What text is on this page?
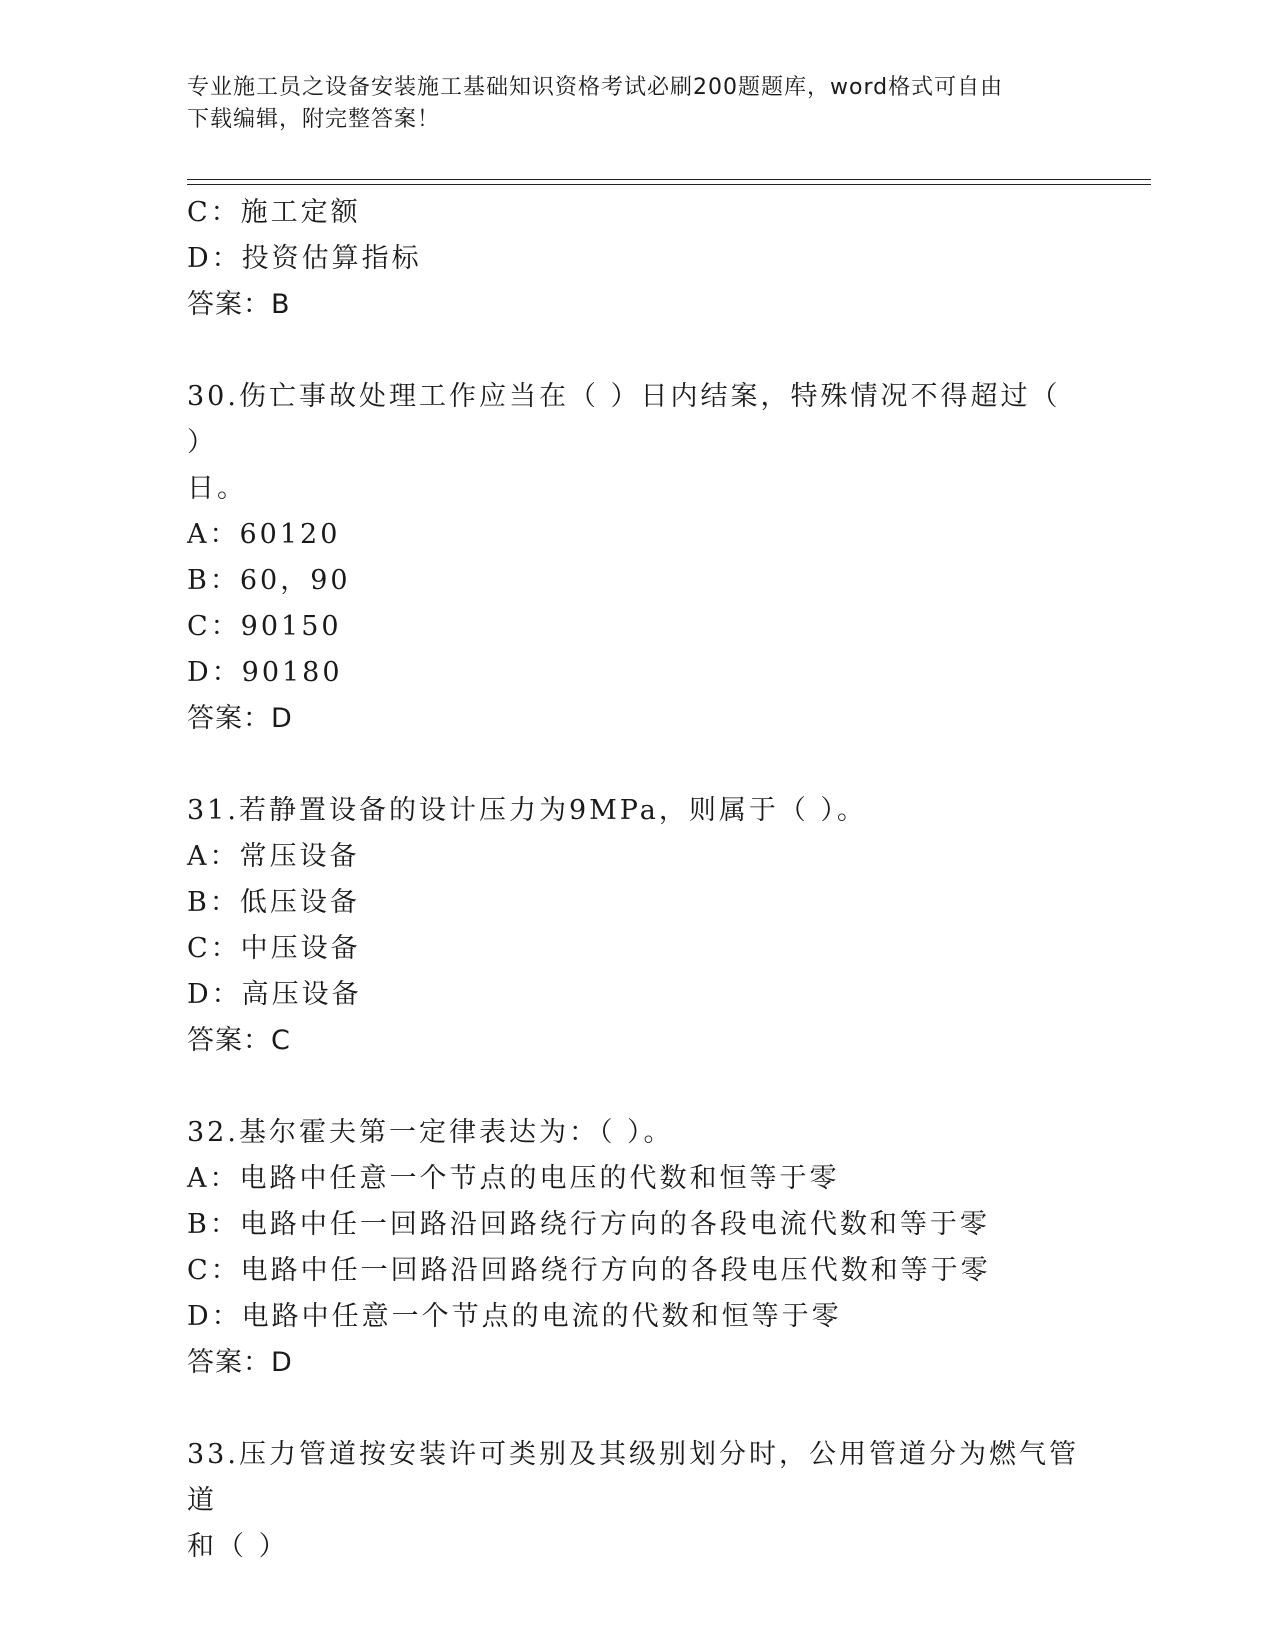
专业施工员之设备安装施工基础知识资格考试必刷200题题库，word格式可自由
下载编辑，附完整答案！
C：施工定额
D：投资估算指标
答案：B
30.伤亡事故处理工作应当在（ ）日内结案，特殊情况不得超过（ ）
日。
A：60120
B：60，90
C：90150
D：90180
答案：D
31.若静置设备的设计压力为9MPa，则属于（ ）。
A：常压设备
B：低压设备
C：中压设备
D：高压设备
答案：C
32.基尔霍夫第一定律表达为：（ ）。
A：电路中任意一个节点的电压的代数和恒等于零
B：电路中任一回路沿回路绕行方向的各段电流代数和等于零
C：电路中任一回路沿回路绕行方向的各段电压代数和等于零
D：电路中任意一个节点的电流的代数和恒等于零
答案：D
33.压力管道按安装许可类别及其级别划分时，公用管道分为燃气管道
和（ ）
